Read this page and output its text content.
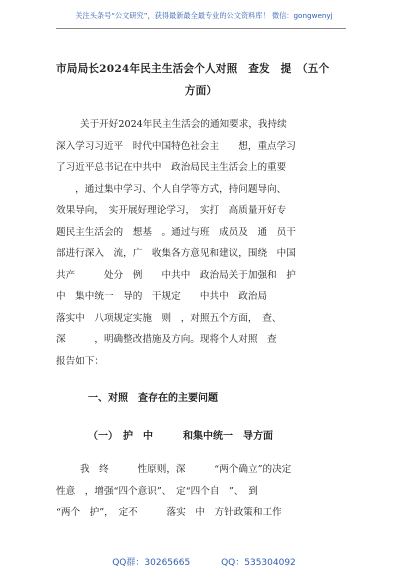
关注头条号“公文研究”，获得最新最全最专业的公文资料库！ 微信：gongwenyj
市局局长2024年民主生活会个人对照　查发　提　（五个
方面）
关于开好2024年民主生活会的通知要求，我持续
深入学习习近平　时代中国特色社会主　　想，重点学习
了习近平总书记在中共中　政治局民主生活会上的重要
　　，通过集中学习、个人自学等方式，持问题导向、
效果导向，　实开展好理论学习，　实打　高质量开好专
题民主生活会的　想基　。通过与班　成员及　通　员干
部进行深入　流，广　收集各方意见和建议，围绕　中国
共产　　　处分　例　　中共中　政治局关于加强和　护
中　集中统一　导的　干规定　　中共中　政治局　
落实中　八项规定实施　则　，对照五个方面，　查、
深　　　，明确整改措施及方向。现将个人对照　查
报告如下：
一、对照　查存在的主要问题
（一）　护　中　　　和集中统一　导方面
我　终　　　性原则，深　　　“两个确立”的决定
性意　，增强“四个意识”、　定“四个自　”、　到
“两个　护”，　定不　　　落实　中　方针政策和工作
QQ群：30265665	QQ：535304092
